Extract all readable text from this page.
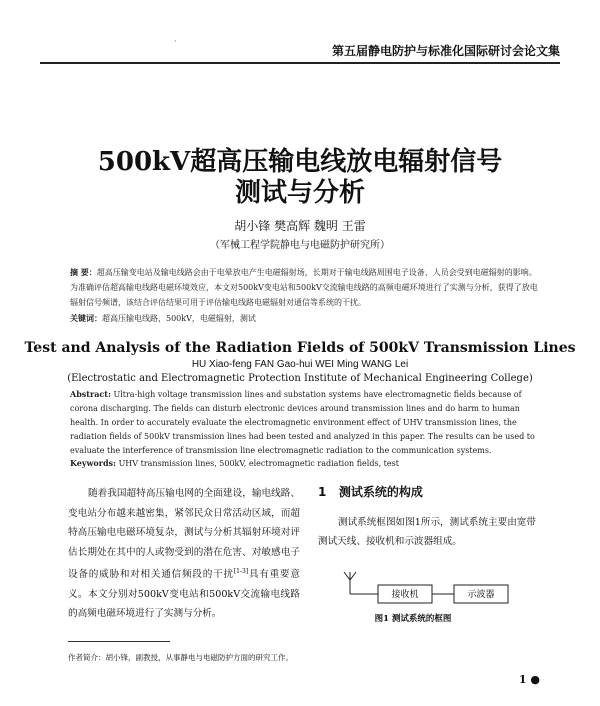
·
第五届静电防护与标准化国际研讨会论文集
500kV超高压输电线放电辐射信号
测试与分析
胡小锋 樊高辉 魏明 王雷
（军械工程学院静电与电磁防护研究所）
摘 要：超高压输变电站及输电线路会由于电晕放电产生电磁辐射场，长期对于输电线路周围电子设备、人员会受到电磁辐射的影响。为准确评估超高输电线路电磁环境效应，本文对500kV变电站和500kV交流输电线路的高频电磁环境进行了实测与分析，获得了放电辐射信号频谱，该结合评估结果可用于评估输电线路电磁辐射对通信等系统的干扰。
关键词：超高压输电线路，500kV，电磁辐射，测试
Test and Analysis of the Radiation Fields of 500kV Transmission Lines
HU Xiao-feng FAN Gao-hui WEI Ming WANG Lei
(Electrostatic and Electromagnetic Protection Institute of Mechanical Engineering College)
Abstract: Ultra-high voltage transmission lines and substation systems have electromagnetic fields because of corona discharging. The fields can disturb electronic devices around transmission lines and do harm to human health. In order to accurately evaluate the electromagnetic environment effect of UHV transmission lines, the radiation fields of 500kV transmission lines had been tested and analyzed in this paper. The results can be used to evaluate the interference of transmission line electromagnetic radiation to the communication systems.
Keywords: UHV transmission lines, 500kV, electromagnetic radiation fields, test
随着我国超特高压输电网的全面建设，输电线路、变电站分布越来越密集，紧邻民众日常活动区域，而超特高压输电电磁环境复杂，测试与分析其辐射环境对评估长期处在其中的人或物受到的潜在危害、对敏感电子设备的威胁和对相关通信频段的干扰[1-3]具有重要意义。本文分别对500kV变电站和500kV交流输电线路的高频电磁环境进行了实测与分析。
1 测试系统的构成
测试系统框图如图1所示，测试系统主要由宽带测试天线、接收机和示波器组成。
接收机	示波器
图1 测试系统的框图
作者简介：胡小锋，副教授，从事静电与电磁防护方面的研究工作。
1 ●
